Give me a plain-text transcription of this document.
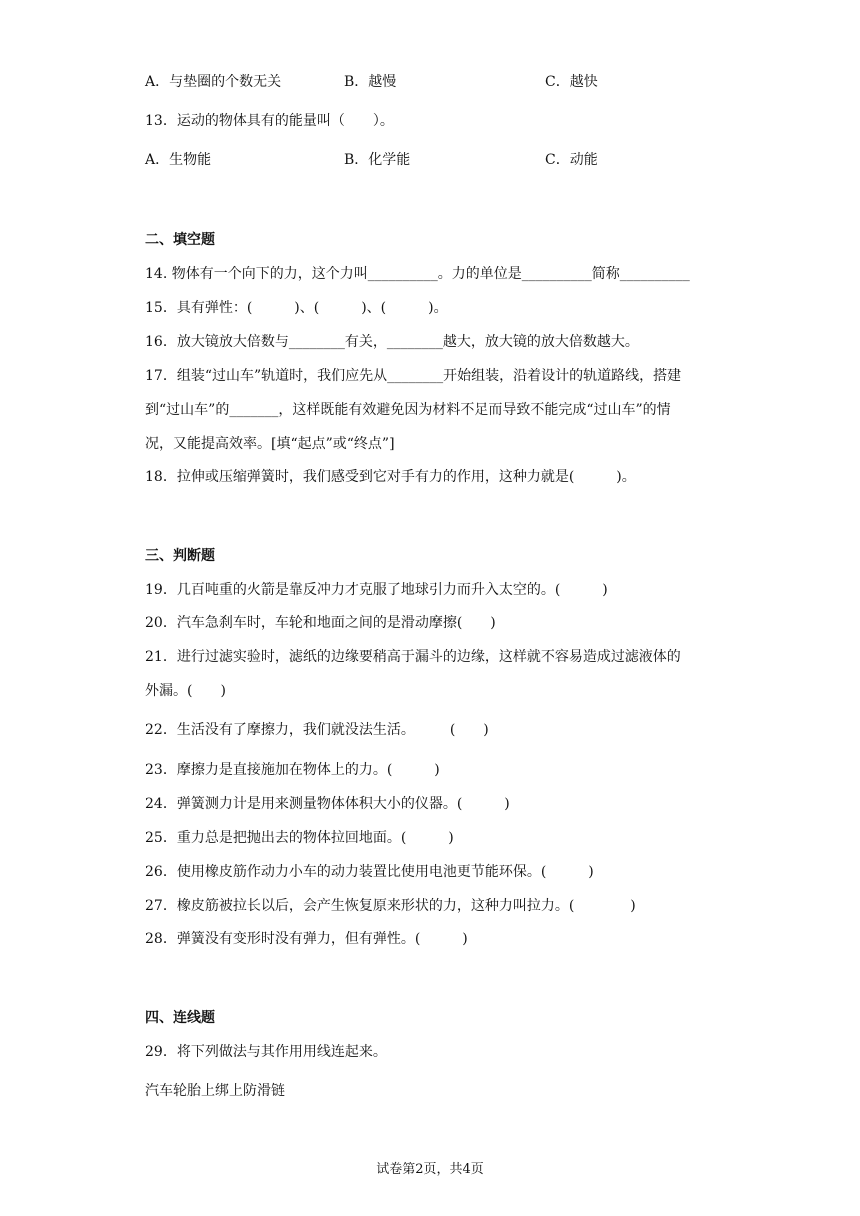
A．与垫圈的个数无关	B．越慢	C．越快
13．运动的物体具有的能量叫（　　）。
A．生物能	B．化学能	C．动能
二、填空题
14. 物体有一个向下的力，这个力叫__________。力的单位是__________简称__________
15．具有弹性：(　　　)、(　　　)、(　　　)。
16．放大镜放大倍数与________有关，________越大，放大镜的放大倍数越大。
17．组装“过山车”轨道时，我们应先从________开始组装，沿着设计的轨道路线，搭建
到“过山车”的_______，这样既能有效避免因为材料不足而导致不能完成“过山车”的情
况，又能提高效率。[填“起点”或“终点”]
18．拉伸或压缩弹簧时，我们感受到它对手有力的作用，这种力就是(　　　)。
三、判断题
19．几百吨重的火箭是靠反冲力才克服了地球引力而升入太空的。(　　　)
20．汽车急刹车时，车轮和地面之间的是滑动摩擦(　　)
21．进行过滤实验时，滤纸的边缘要稍高于漏斗的边缘，这样就不容易造成过滤液体的
外漏。(　　)
22．生活没有了摩擦力，我们就没法生活。　　　(　　)
23．摩擦力是直接施加在物体上的力。(　　　)
24．弹簧测力计是用来测量物体体积大小的仪器。(　　　)
25．重力总是把抛出去的物体拉回地面。(　　　)
26．使用橡皮筋作动力小车的动力装置比使用电池更节能环保。(　　　)
27．橡皮筋被拉长以后，会产生恢复原来形状的力，这种力叫拉力。(　　　　)
28．弹簧没有变形时没有弹力，但有弹性。(　　　)
四、连线题
29．将下列做法与其作用用线连起来。
汽车轮胎上绑上防滑链
试卷第2页，共4页
